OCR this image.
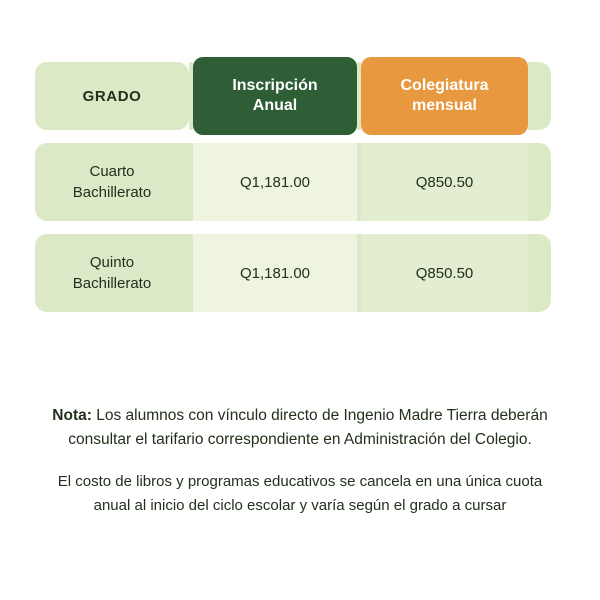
GRADO
Inscripción
Anual
Colegiatura
mensual
Cuarto
Bachillerato
Q1,181.00	Q850.50
Quinto
Bachillerato
Q1,181.00	Q850.50

Nota: Los alumnos con vínculo directo de Ingenio Madre Tierra deberán consultar el tarifario correspondiente en Administración del Colegio.

El costo de libros y programas educativos se cancela en una única cuota anual al inicio del ciclo escolar y varía según el grado a cursar
